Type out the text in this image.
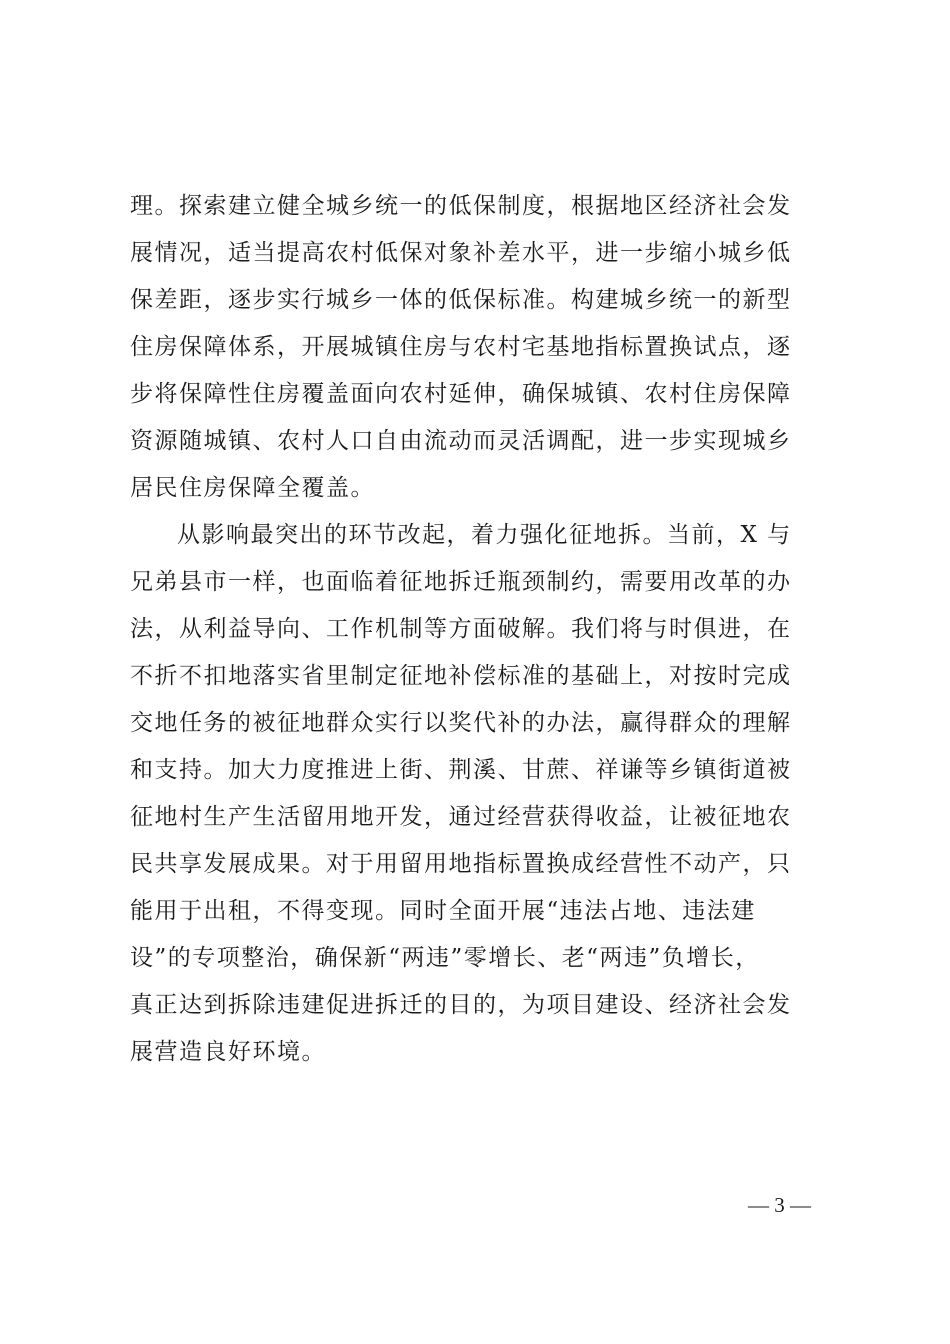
理。探索建立健全城乡统一的低保制度，根据地区经济社会发
展情况，适当提高农村低保对象补差水平，进一步缩小城乡低
保差距，逐步实行城乡一体的低保标准。构建城乡统一的新型
住房保障体系，开展城镇住房与农村宅基地指标置换试点，逐
步将保障性住房覆盖面向农村延伸，确保城镇、农村住房保障
资源随城镇、农村人口自由流动而灵活调配，进一步实现城乡
居民住房保障全覆盖。
从影响最突出的环节改起，着力强化征地拆。当前，X 与
兄弟县市一样，也面临着征地拆迁瓶颈制约，需要用改革的办
法，从利益导向、工作机制等方面破解。我们将与时俱进，在
不折不扣地落实省里制定征地补偿标准的基础上，对按时完成
交地任务的被征地群众实行以奖代补的办法，赢得群众的理解
和支持。加大力度推进上街、荆溪、甘蔗、祥谦等乡镇街道被
征地村生产生活留用地开发，通过经营获得收益，让被征地农
民共享发展成果。对于用留用地指标置换成经营性不动产，只
能用于出租，不得变现。同时全面开展“违法占地、违法建
设”的专项整治，确保新“两违”零增长、老“两违”负增长，
真正达到拆除违建促进拆迁的目的，为项目建设、经济社会发
展营造良好环境。
— 3 —
